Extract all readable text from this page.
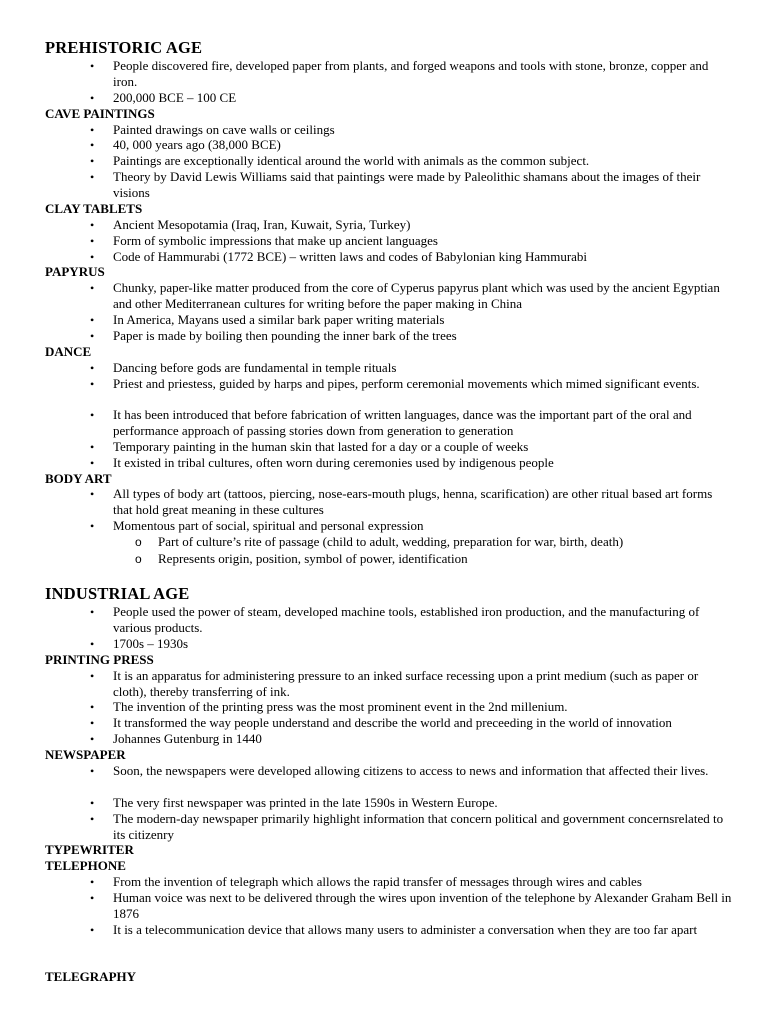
PREHISTORIC AGE
• People discovered fire, developed paper from plants, and forged weapons and tools with stone, bronze, copper and iron.
• 200,000 BCE – 100 CE
CAVE PAINTINGS
• Painted drawings on cave walls or ceilings
• 40, 000 years ago (38,000 BCE)
• Paintings are exceptionally identical around the world with animals as the common subject.
• Theory by David Lewis Williams said that paintings were made by Paleolithic shamans about the images of their visions
CLAY TABLETS
• Ancient Mesopotamia (Iraq, Iran, Kuwait, Syria, Turkey)
• Form of symbolic impressions that make up ancient languages
• Code of Hammurabi (1772 BCE) – written laws and codes of Babylonian king Hammurabi
PAPYRUS
• Chunky, paper-like matter produced from the core of Cyperus papyrus plant which was used by the ancient Egyptian and other Mediterranean cultures for writing before the paper making in China
• In America, Mayans used a similar bark paper writing materials
• Paper is made by boiling then pounding the inner bark of the trees
DANCE
• Dancing before gods are fundamental in temple rituals
• Priest and priestess, guided by harps and pipes, perform ceremonial movements which mimed significant events.
• It has been introduced that before fabrication of written languages, dance was the important part of the oral and performance approach of passing stories down from generation to generation
• Temporary painting in the human skin that lasted for a day or a couple of weeks
• It existed in tribal cultures, often worn during ceremonies used by indigenous people
BODY ART
• All types of body art (tattoos, piercing, nose-ears-mouth plugs, henna, scarification) are other ritual based art forms that hold great meaning in these cultures
• Momentous part of social, spiritual and personal expression
o Part of culture’s rite of passage (child to adult, wedding, preparation for war, birth, death)
o Represents origin, position, symbol of power, identification
INDUSTRIAL AGE
• People used the power of steam, developed machine tools, established iron production, and the manufacturing of various products.
• 1700s – 1930s
PRINTING PRESS
• It is an apparatus for administering pressure to an inked surface recessing upon a print medium (such as paper or cloth), thereby transferring of ink.
• The invention of the printing press was the most prominent event in the 2nd millenium.
• It transformed the way people understand and describe the world and preceeding in the world of innovation
• Johannes Gutenburg in 1440
NEWSPAPER
• Soon, the newspapers were developed allowing citizens to access to news and information that affected their lives.
• The very first newspaper was printed in the late 1590s in Western Europe.
• The modern-day newspaper primarily highlight information that concern political and government concernsrelated to its citizenry
TYPEWRITER
TELEPHONE
• From the invention of telegraph which allows the rapid transfer of messages through wires and cables
• Human voice was next to be delivered through the wires upon invention of the telephone by Alexander Graham Bell in 1876
• It is a telecommunication device that allows many users to administer a conversation when they are too far apart
TELEGRAPHY
